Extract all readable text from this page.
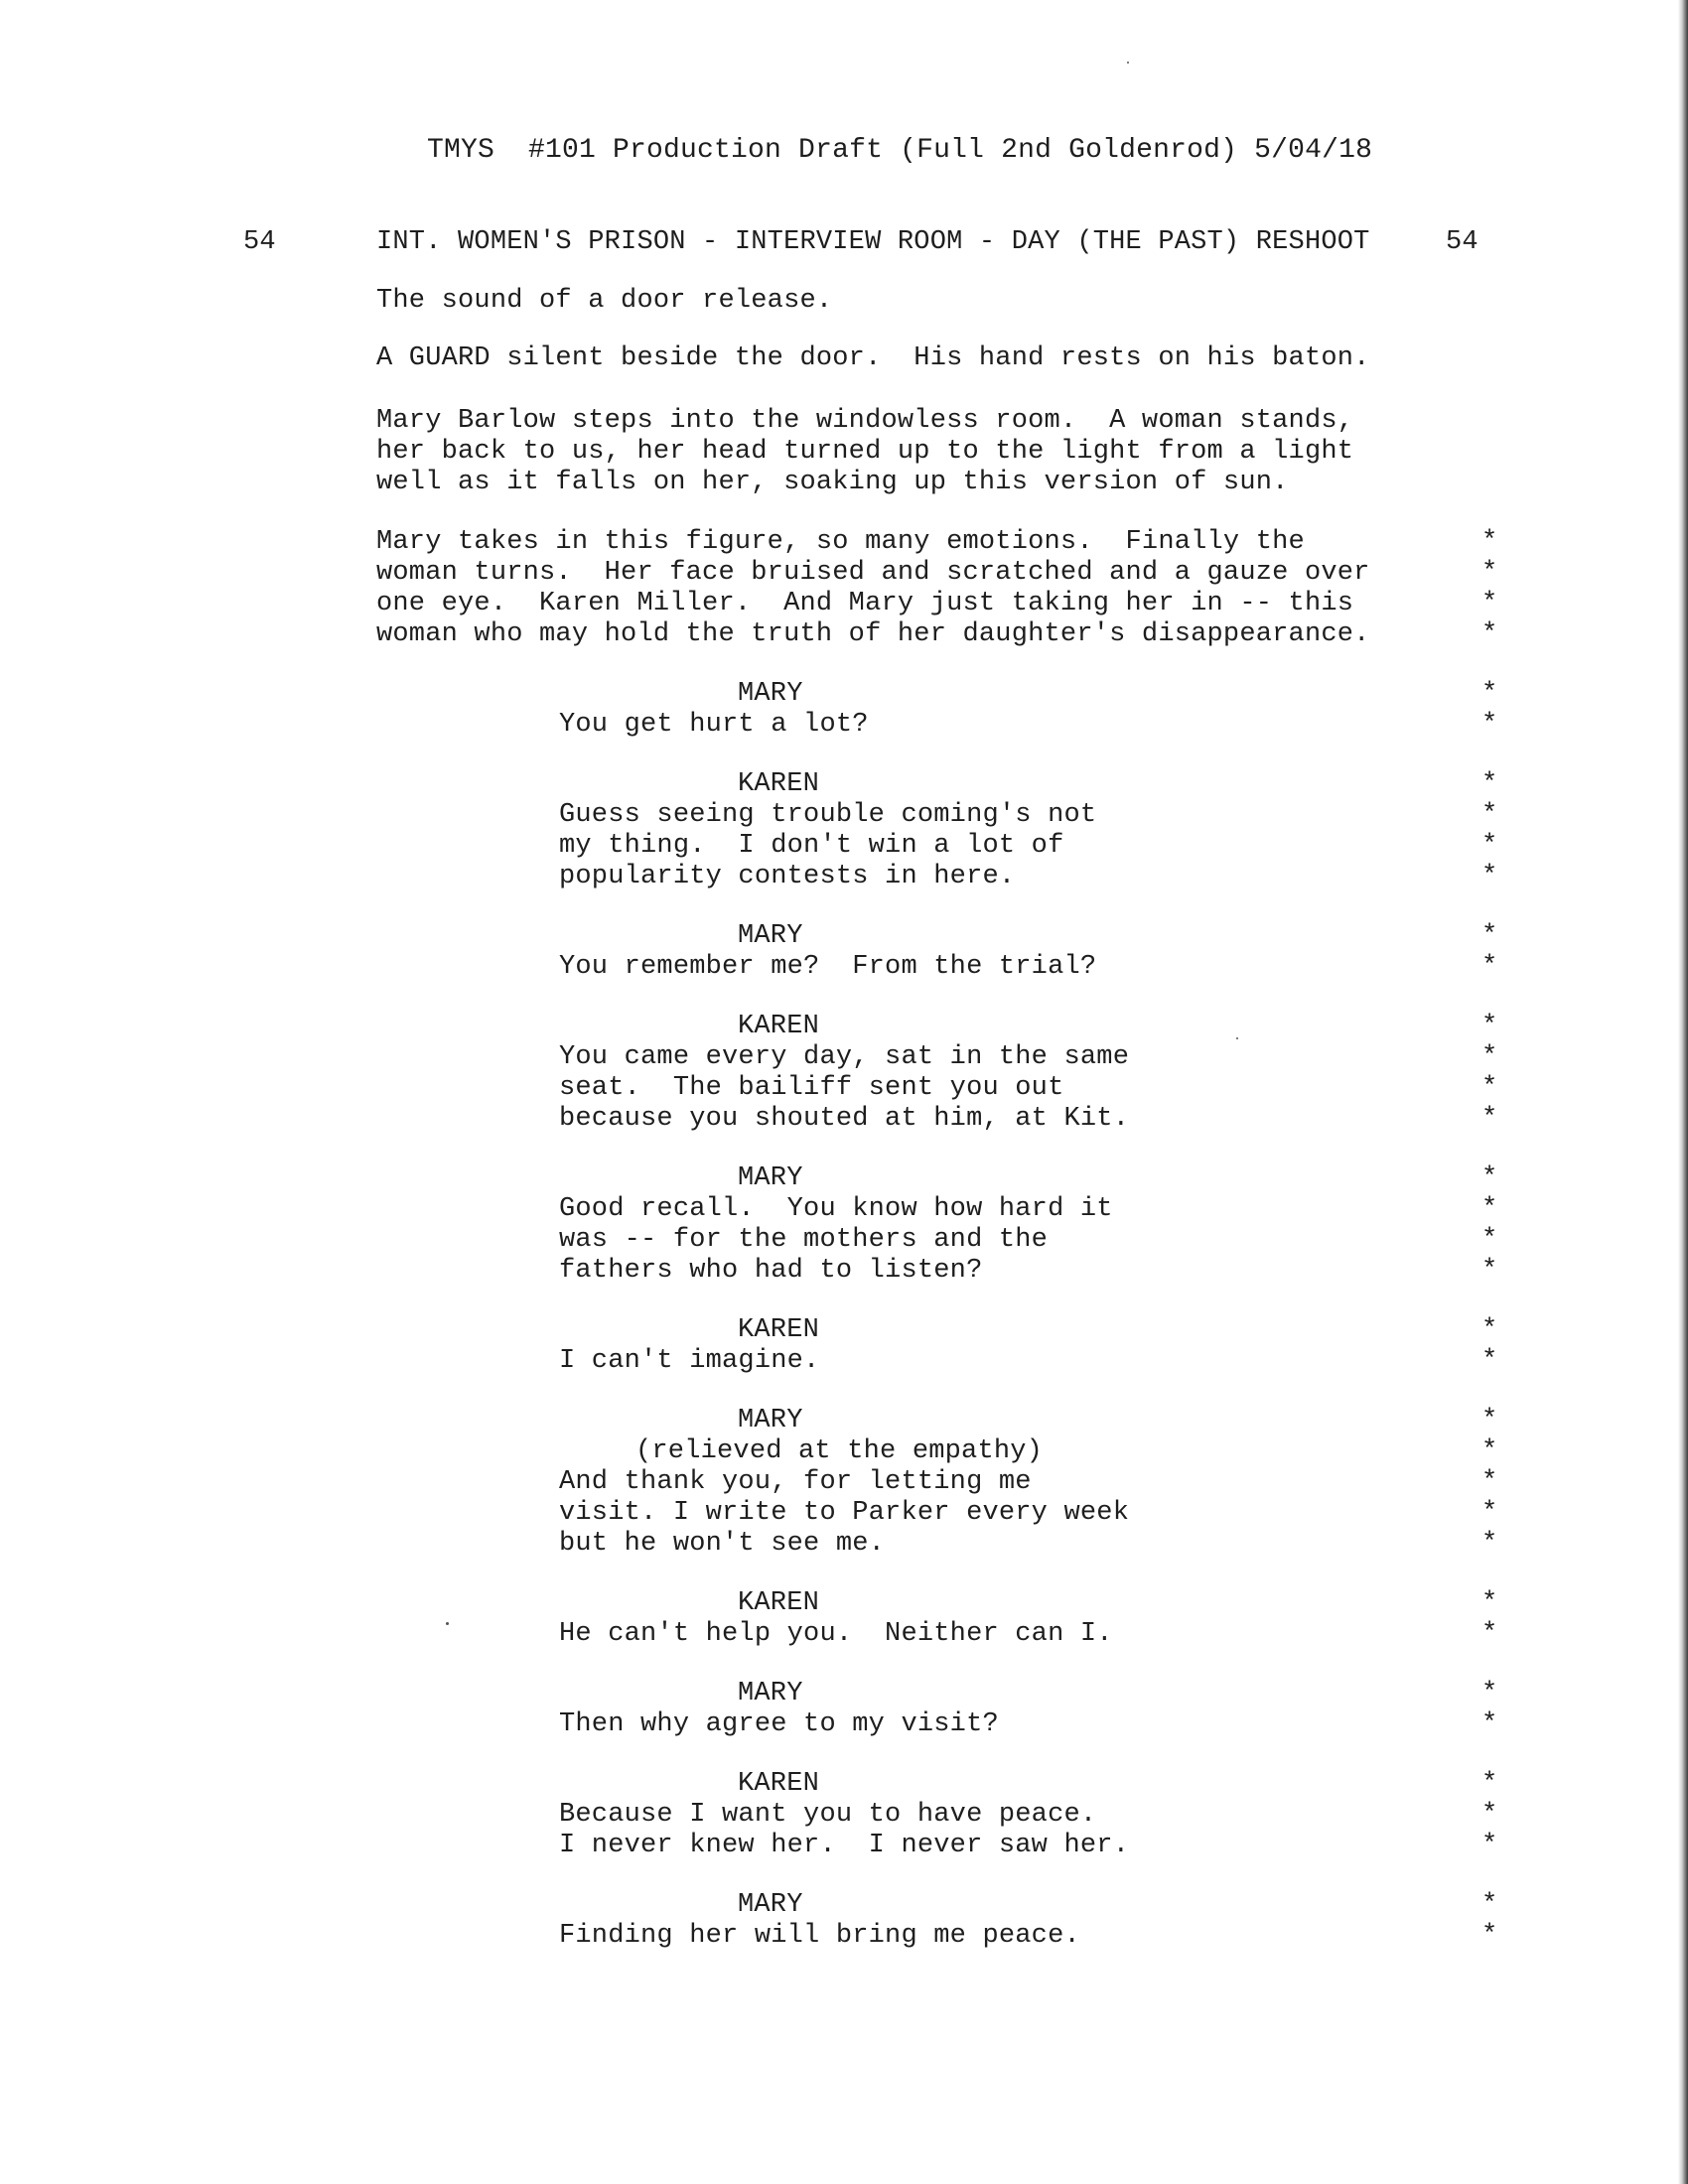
TMYS  #101 Production Draft (Full 2nd Goldenrod) 5/04/18
54	INT. WOMEN'S PRISON - INTERVIEW ROOM - DAY (THE PAST) RESHOOT	54
The sound of a door release.
A GUARD silent beside the door.  His hand rests on his baton.
Mary Barlow steps into the windowless room.  A woman stands,
her back to us, her head turned up to the light from a light
well as it falls on her, soaking up this version of sun.
Mary takes in this figure, so many emotions.  Finally the
woman turns.  Her face bruised and scratched and a gauze over
one eye.  Karen Miller.  And Mary just taking her in -- this
woman who may hold the truth of her daughter's disappearance.
MARY
You get hurt a lot?
KAREN
Guess seeing trouble coming's not
my thing.  I don't win a lot of
popularity contests in here.
MARY
You remember me?  From the trial?
KAREN
You came every day, sat in the same
seat.  The bailiff sent you out
because you shouted at him, at Kit.
MARY
Good recall.  You know how hard it
was -- for the mothers and the
fathers who had to listen?
KAREN
I can't imagine.
MARY
(relieved at the empathy)
And thank you, for letting me
visit. I write to Parker every week
but he won't see me.
KAREN
He can't help you.  Neither can I.
MARY
Then why agree to my visit?
KAREN
Because I want you to have peace.
I never knew her.  I never saw her.
MARY
Finding her will bring me peace.
*
*
*
*
*
*
*
*
*
*
*
*
*
*
*
*
*
*
*
*
*
*
*
*
*
*
*
*
*
*
*
*
*
*
*
*
